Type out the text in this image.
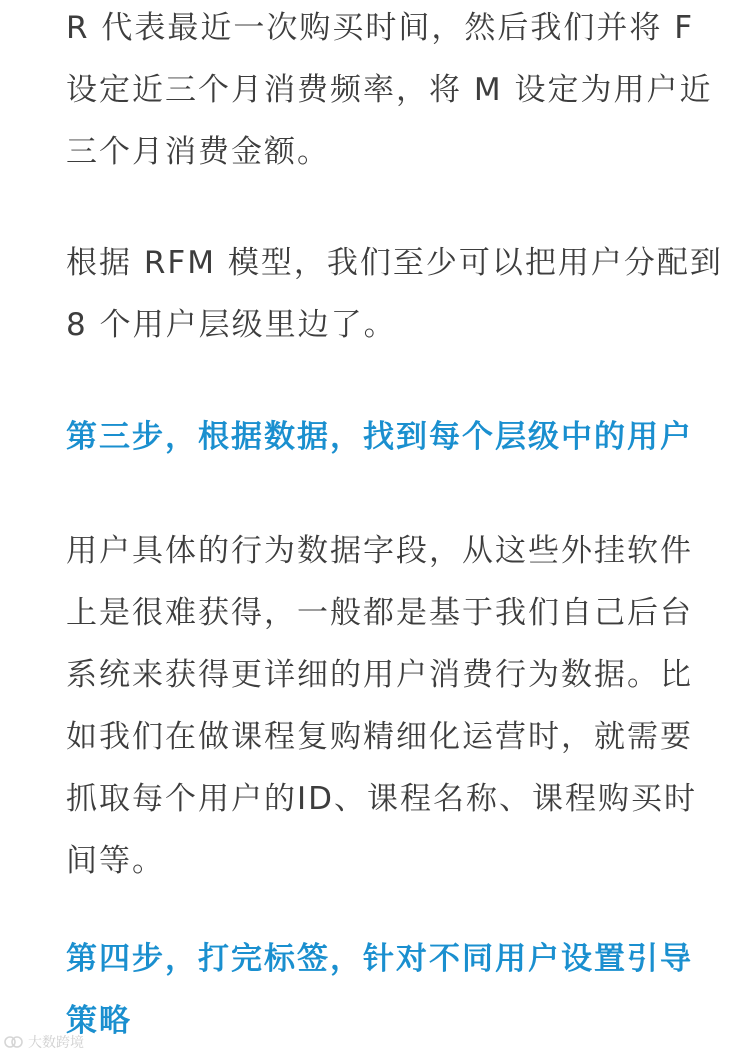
R 代表最近一次购买时间，然后我们并将 F
设定近三个月消费频率，将 M 设定为用户近
三个月消费金额。

根据 RFM 模型，我们至少可以把用户分配到
8 个用户层级里边了。

第三步，根据数据，找到每个层级中的用户

用户具体的行为数据字段，从这些外挂软件
上是很难获得，一般都是基于我们自己后台
系统来获得更详细的用户消费行为数据。比
如我们在做课程复购精细化运营时，就需要
抓取每个用户的ID、课程名称、课程购买时
间等。

第四步，打完标签，针对不同用户设置引导
策略
大数跨境
